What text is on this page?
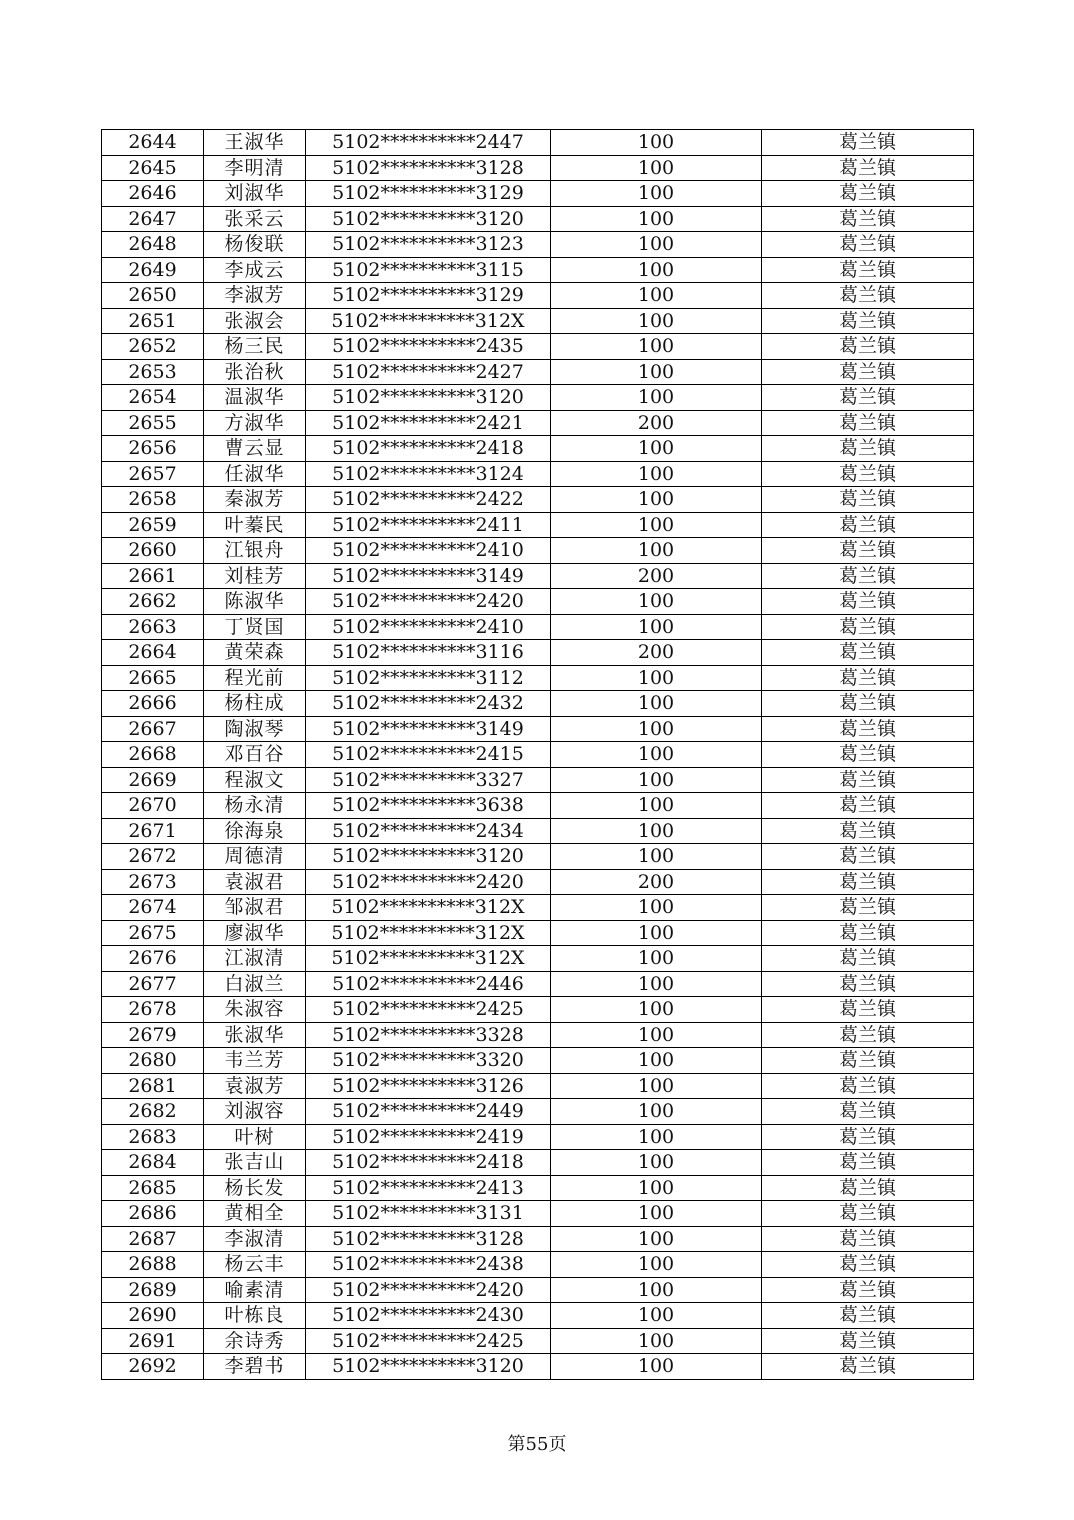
2644	王淑华	5102**********2447	100	葛兰镇
2645	李明清	5102**********3128	100	葛兰镇
2646	刘淑华	5102**********3129	100	葛兰镇
2647	张采云	5102**********3120	100	葛兰镇
2648	杨俊联	5102**********3123	100	葛兰镇
2649	李成云	5102**********3115	100	葛兰镇
2650	李淑芳	5102**********3129	100	葛兰镇
2651	张淑会	5102**********312X	100	葛兰镇
2652	杨三民	5102**********2435	100	葛兰镇
2653	张治秋	5102**********2427	100	葛兰镇
2654	温淑华	5102**********3120	100	葛兰镇
2655	方淑华	5102**********2421	200	葛兰镇
2656	曹云显	5102**********2418	100	葛兰镇
2657	任淑华	5102**********3124	100	葛兰镇
2658	秦淑芳	5102**********2422	100	葛兰镇
2659	叶蓁民	5102**********2411	100	葛兰镇
2660	江银舟	5102**********2410	100	葛兰镇
2661	刘桂芳	5102**********3149	200	葛兰镇
2662	陈淑华	5102**********2420	100	葛兰镇
2663	丁贤国	5102**********2410	100	葛兰镇
2664	黄荣森	5102**********3116	200	葛兰镇
2665	程光前	5102**********3112	100	葛兰镇
2666	杨柱成	5102**********2432	100	葛兰镇
2667	陶淑琴	5102**********3149	100	葛兰镇
2668	邓百谷	5102**********2415	100	葛兰镇
2669	程淑文	5102**********3327	100	葛兰镇
2670	杨永清	5102**********3638	100	葛兰镇
2671	徐海泉	5102**********2434	100	葛兰镇
2672	周德清	5102**********3120	100	葛兰镇
2673	袁淑君	5102**********2420	200	葛兰镇
2674	邹淑君	5102**********312X	100	葛兰镇
2675	廖淑华	5102**********312X	100	葛兰镇
2676	江淑清	5102**********312X	100	葛兰镇
2677	白淑兰	5102**********2446	100	葛兰镇
2678	朱淑容	5102**********2425	100	葛兰镇
2679	张淑华	5102**********3328	100	葛兰镇
2680	韦兰芳	5102**********3320	100	葛兰镇
2681	袁淑芳	5102**********3126	100	葛兰镇
2682	刘淑容	5102**********2449	100	葛兰镇
2683	叶树	5102**********2419	100	葛兰镇
2684	张吉山	5102**********2418	100	葛兰镇
2685	杨长发	5102**********2413	100	葛兰镇
2686	黄相全	5102**********3131	100	葛兰镇
2687	李淑清	5102**********3128	100	葛兰镇
2688	杨云丰	5102**********2438	100	葛兰镇
2689	喻素清	5102**********2420	100	葛兰镇
2690	叶栋良	5102**********2430	100	葛兰镇
2691	余诗秀	5102**********2425	100	葛兰镇
2692	李碧书	5102**********3120	100	葛兰镇
第55页
